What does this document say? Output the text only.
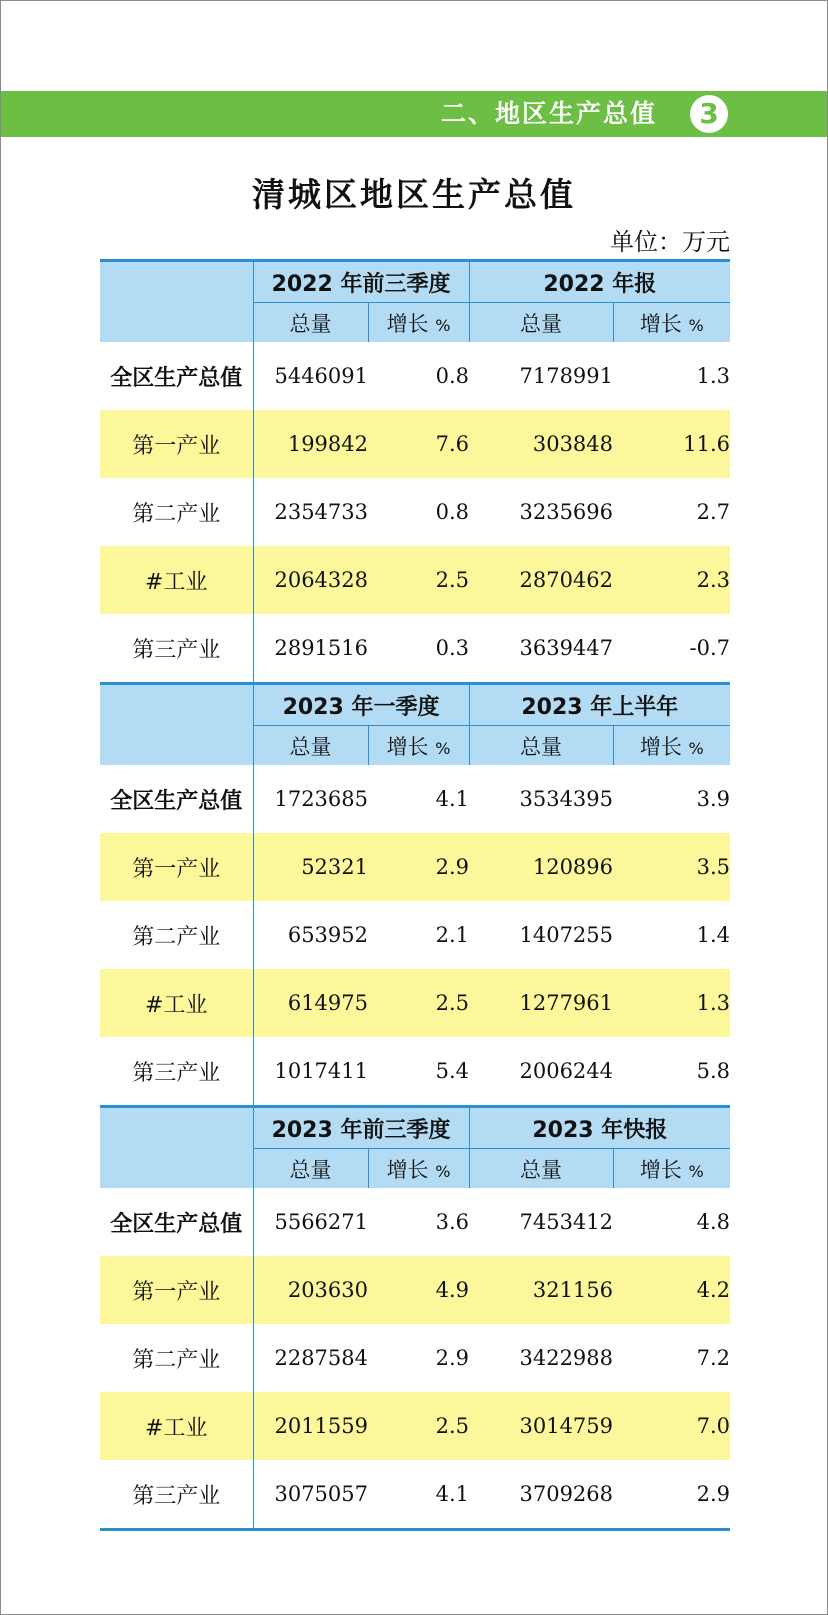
二、地区生产总值	3
清城区地区生产总值
单位：万元
	2022 年前三季度		2022 年报	
	总量	增长 %	总量	增长 %
全区生产总值	5446091	0.8	7178991	1.3
第一产业	199842	7.6	303848	11.6
第二产业	2354733	0.8	3235696	2.7
#工业	2064328	2.5	2870462	2.3
第三产业	2891516	0.3	3639447	-0.7
	2023 年一季度		2023 年上半年	
	总量	增长 %	总量	增长 %
全区生产总值	1723685	4.1	3534395	3.9
第一产业	52321	2.9	120896	3.5
第二产业	653952	2.1	1407255	1.4
#工业	614975	2.5	1277961	1.3
第三产业	1017411	5.4	2006244	5.8
	2023 年前三季度		2023 年快报	
	总量	增长 %	总量	增长 %
全区生产总值	5566271	3.6	7453412	4.8
第一产业	203630	4.9	321156	4.2
第二产业	2287584	2.9	3422988	7.2
#工业	2011559	2.5	3014759	7.0
第三产业	3075057	4.1	3709268	2.9
